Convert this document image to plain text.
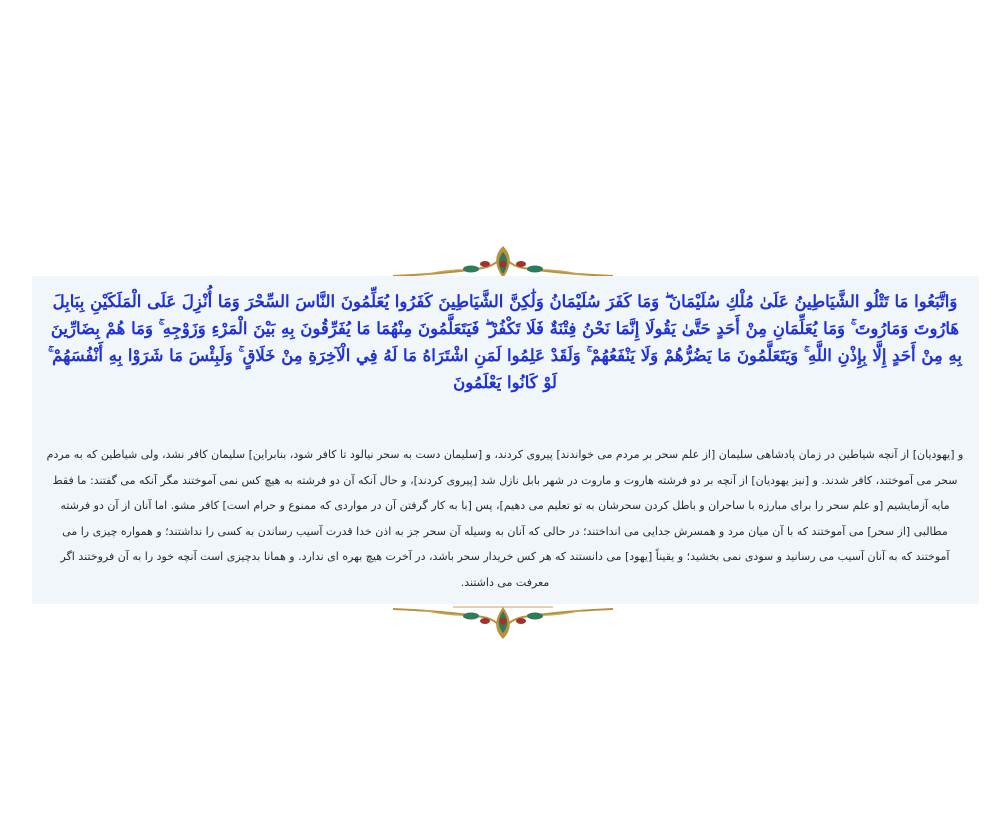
وَاتَّبَعُوا مَا تَتْلُو الشَّيَاطِينُ عَلَىٰ مُلْكِ سُلَيْمَانَ ۖ وَمَا كَفَرَ سُلَيْمَانُ وَلَٰكِنَّ الشَّيَاطِينَ كَفَرُوا يُعَلِّمُونَ النَّاسَ السِّحْرَ وَمَا أُنْزِلَ عَلَى الْمَلَكَيْنِ بِبَابِلَ هَارُوتَ وَمَارُوتَ ۚ وَمَا يُعَلِّمَانِ مِنْ أَحَدٍ حَتَّىٰ يَقُولَا إِنَّمَا نَحْنُ فِتْنَةٌ فَلَا تَكْفُرْ ۖ فَيَتَعَلَّمُونَ مِنْهُمَا مَا يُفَرِّقُونَ بِهِ بَيْنَ الْمَرْءِ وَزَوْجِهِ ۚ وَمَا هُمْ بِضَارِّينَ بِهِ مِنْ أَحَدٍ إِلَّا بِإِذْنِ اللَّهِ ۚ وَيَتَعَلَّمُونَ مَا يَضُرُّهُمْ وَلَا يَنْفَعُهُمْ ۚ وَلَقَدْ عَلِمُوا لَمَنِ اشْتَرَاهُ مَا لَهُ فِي الْآخِرَةِ مِنْ خَلَاقٍ ۚ وَلَبِئْسَ مَا شَرَوْا بِهِ أَنْفُسَهُمْ ۚ لَوْ كَانُوا يَعْلَمُونَ

و [یهودیان] از آنچه شیاطین در زمان پادشاهی سلیمان [از علم سحر بر مردم می خواندند] پیروی کردند، و [سلیمان دست به سحر نیالود تا کافر شود، بنابراین] سلیمان کافر نشد، ولی شیاطین که به مردم سحر می آموختند، کافر شدند. و [نیز یهودیان] از آنچه بر دو فرشته هاروت و ماروت در شهر بابل نازل شد [پیروی کردند]، و حال آنکه آن دو فرشته به هیچ کس نمی آموختند مگر آنکه می گفتند: ما فقط مایه آزمایشیم [و علم سحر را برای مبارزه با ساحران و باطل کردن سحرشان به تو تعلیم می دهیم]، پس [با به کار گرفتن آن در مواردی که ممنوع و حرام است] کافر مشو. اما آنان از آن دو فرشته مطالبی [از سحر] می آموختند که با آن میان مرد و همسرش جدایی می انداختند؛ در حالی که آنان به وسیله آن سحر جز به اذن خدا قدرت آسیب رساندن به کسی را نداشتند؛ و همواره چیزی را می آموختند که به آنان آسیب می رسانید و سودی نمی بخشید؛ و یقیناً [یهود] می دانستند که هر کس خریدار سحر باشد، در آخرت هیچ بهره ای ندارد. و همانا بدچیزی است آنچه خود را به آن فروختند اگر معرفت می داشتند.
